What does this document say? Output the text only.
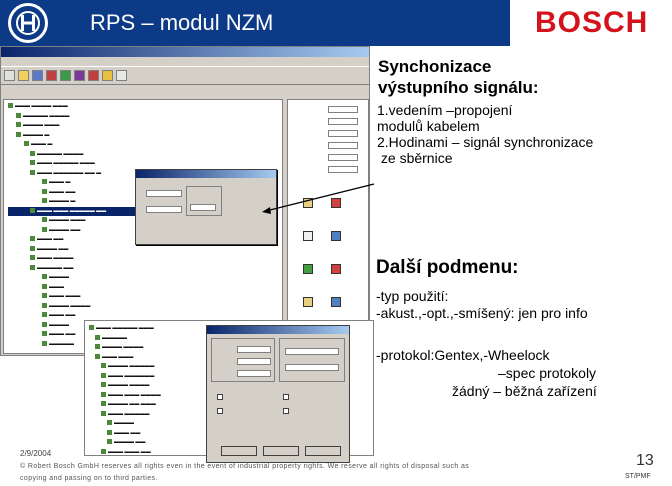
RPS – modul NZM	BOSCH
▬▬▬ ▬▬▬▬ ▬▬▬
▬▬▬▬▬ ▬▬▬▬
▬▬▬▬ ▬▬▬
▬▬▬▬ ▬
▬▬▬ ▬
▬▬▬▬▬ ▬▬▬▬
▬▬▬ ▬▬▬▬▬ ▬▬▬
▬▬▬ ▬▬▬▬▬▬ ▬▬ ▬
▬▬▬ ▬
▬▬▬ ▬▬
▬▬▬▬ ▬
▬▬▬ ▬▬▬ ▬▬▬▬▬ ▬▬
▬▬▬▬ ▬▬▬
▬▬▬▬ ▬▬
▬▬▬ ▬▬
▬▬▬▬ ▬▬
▬▬▬ ▬▬▬▬
▬▬▬▬▬ ▬▬
▬▬▬▬
▬▬▬
▬▬▬ ▬▬▬
▬▬▬▬ ▬▬▬▬
▬▬▬ ▬▬
▬▬▬▬
▬▬▬ ▬▬
▬▬▬▬▬

▬▬▬ ▬▬▬▬▬ ▬▬▬
▬▬▬▬▬
▬▬▬▬ ▬▬▬▬
▬▬▬ ▬▬▬
▬▬▬▬ ▬▬▬▬▬
▬▬▬ ▬▬▬▬▬▬
▬▬▬▬ ▬▬▬▬
▬▬▬ ▬▬▬ ▬▬▬▬
▬▬▬▬ ▬▬ ▬▬▬
▬▬▬ ▬▬▬▬▬
▬▬▬▬
▬▬▬ ▬▬
▬▬▬▬ ▬▬
▬▬▬ ▬▬▬ ▬▬
Synchonizace
výstupního signálu:
1.vedením –propojení
modulů kabelem
2.Hodinami – signál synchronizace
ze sběrnice
Další podmenu:
-typ použití:
-akust.,-opt.,-smíšený: jen pro info
-protokol:Gentex,-Wheelock
–spec protokoly
žádný – běžná zařízení
2/9/2004
© Robert Bosch GmbH reserves all rights even in the event of industrial property rights. We reserve all rights of disposal such as
copying and passing on to third parties.
13
ST/PMF
